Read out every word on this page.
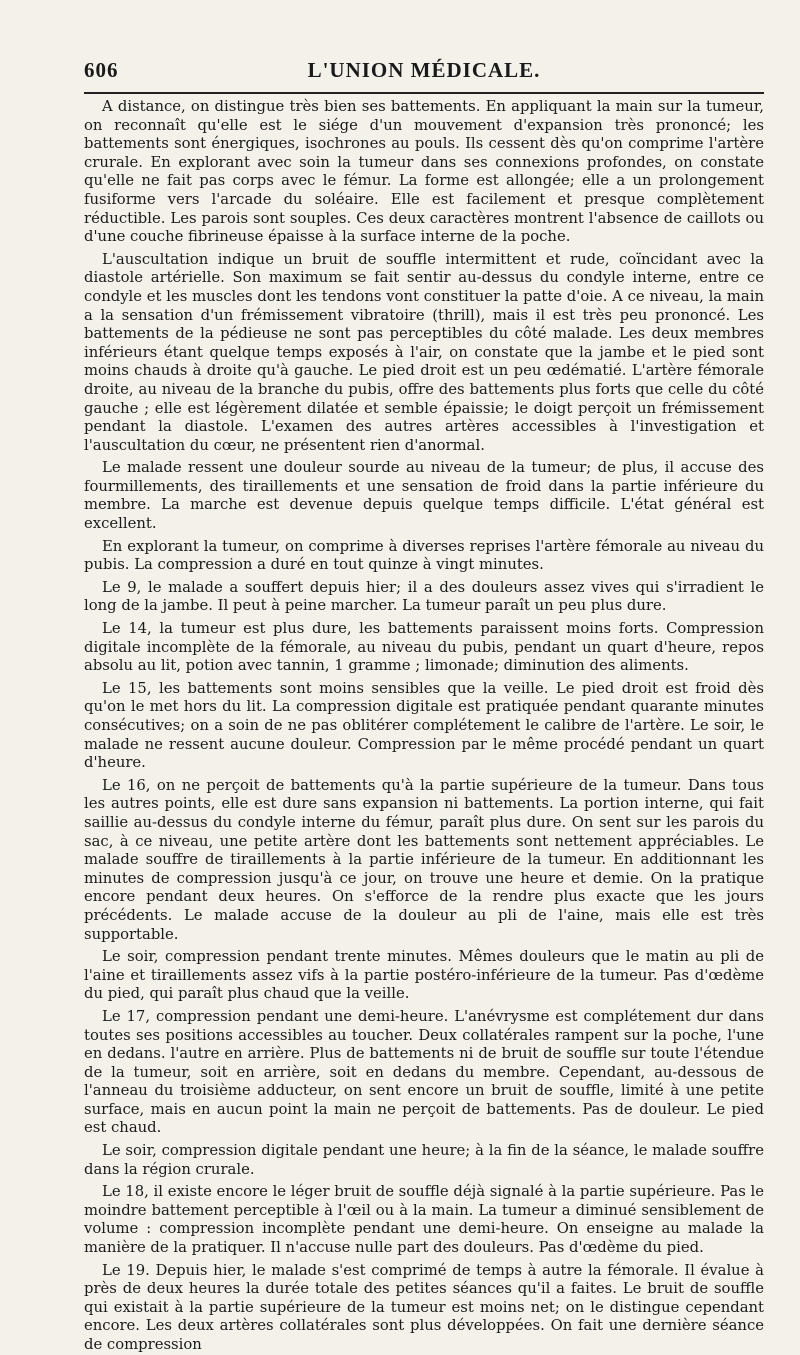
606	L'UNION MÉDICALE.

A distance, on distingue très bien ses battements. En appliquant la main sur la tumeur, on reconnaît qu'elle est le siége d'un mouvement d'expansion très prononcé; les battements sont énergiques, isochrones au pouls. Ils cessent dès qu'on comprime l'artère crurale. En explorant avec soin la tumeur dans ses connexions profondes, on constate qu'elle ne fait pas corps avec le fémur. La forme est allongée; elle a un prolongement fusiforme vers l'arcade du soléaire. Elle est facilement et presque complètement réductible. Les parois sont souples. Ces deux caractères montrent l'absence de caillots ou d'une couche fibrineuse épaisse à la surface interne de la poche.

L'auscultation indique un bruit de souffle intermittent et rude, coïncidant avec la diastole artérielle. Son maximum se fait sentir au-dessus du condyle interne, entre ce condyle et les muscles dont les tendons vont constituer la patte d'oie. A ce niveau, la main a la sensation d'un frémissement vibratoire (thrill), mais il est très peu prononcé. Les battements de la pédieuse ne sont pas perceptibles du côté malade. Les deux membres inférieurs étant quelque temps exposés à l'air, on constate que la jambe et le pied sont moins chauds à droite qu'à gauche. Le pied droit est un peu œdématié. L'artère fémorale droite, au niveau de la branche du pubis, offre des battements plus forts que celle du côté gauche ; elle est légèrement dilatée et semble épaissie; le doigt perçoit un frémissement pendant la diastole. L'examen des autres artères accessibles à l'investigation et l'auscultation du cœur, ne présentent rien d'anormal.

Le malade ressent une douleur sourde au niveau de la tumeur; de plus, il accuse des fourmillements, des tiraillements et une sensation de froid dans la partie inférieure du membre. La marche est devenue depuis quelque temps difficile. L'état général est excellent.

En explorant la tumeur, on comprime à diverses reprises l'artère fémorale au niveau du pubis. La compression a duré en tout quinze à vingt minutes.

Le 9, le malade a souffert depuis hier; il a des douleurs assez vives qui s'irradient le long de la jambe. Il peut à peine marcher. La tumeur paraît un peu plus dure.

Le 14, la tumeur est plus dure, les battements paraissent moins forts. Compression digitale incomplète de la fémorale, au niveau du pubis, pendant un quart d'heure, repos absolu au lit, potion avec tannin, 1 gramme ; limonade; diminution des aliments.

Le 15, les battements sont moins sensibles que la veille. Le pied droit est froid dès qu'on le met hors du lit. La compression digitale est pratiquée pendant quarante minutes consécutives; on a soin de ne pas oblitérer complétement le calibre de l'artère. Le soir, le malade ne ressent aucune douleur. Compression par le même procédé pendant un quart d'heure.

Le 16, on ne perçoit de battements qu'à la partie supérieure de la tumeur. Dans tous les autres points, elle est dure sans expansion ni battements. La portion interne, qui fait saillie au-dessus du condyle interne du fémur, paraît plus dure. On sent sur les parois du sac, à ce niveau, une petite artère dont les battements sont nettement appréciables. Le malade souffre de tiraillements à la partie inférieure de la tumeur. En additionnant les minutes de compression jusqu'à ce jour, on trouve une heure et demie. On la pratique encore pendant deux heures. On s'efforce de la rendre plus exacte que les jours précédents. Le malade accuse de la douleur au pli de l'aine, mais elle est très supportable.

Le soir, compression pendant trente minutes. Mêmes douleurs que le matin au pli de l'aine et tiraillements assez vifs à la partie postéro-inférieure de la tumeur. Pas d'œdème du pied, qui paraît plus chaud que la veille.

Le 17, compression pendant une demi-heure. L'anévrysme est complétement dur dans toutes ses positions accessibles au toucher. Deux collatérales rampent sur la poche, l'une en dedans. l'autre en arrière. Plus de battements ni de bruit de souffle sur toute l'étendue de la tumeur, soit en arrière, soit en dedans du membre. Cependant, au-dessous de l'anneau du troisième adducteur, on sent encore un bruit de souffle, limité à une petite surface, mais en aucun point la main ne perçoit de battements. Pas de douleur. Le pied est chaud.

Le soir, compression digitale pendant une heure; à la fin de la séance, le malade souffre dans la région crurale.

Le 18, il existe encore le léger bruit de souffle déjà signalé à la partie supérieure. Pas le moindre battement perceptible à l'œil ou à la main. La tumeur a diminué sensiblement de volume : compression incomplète pendant une demi-heure. On enseigne au malade la manière de la pratiquer. Il n'accuse nulle part des douleurs. Pas d'œdème du pied.

Le 19. Depuis hier, le malade s'est comprimé de temps à autre la fémorale. Il évalue à près de deux heures la durée totale des petites séances qu'il a faites. Le bruit de souffle qui existait à la partie supérieure de la tumeur est moins net; on le distingue cependant encore. Les deux artères collatérales sont plus développées. On fait une dernière séance de compression
